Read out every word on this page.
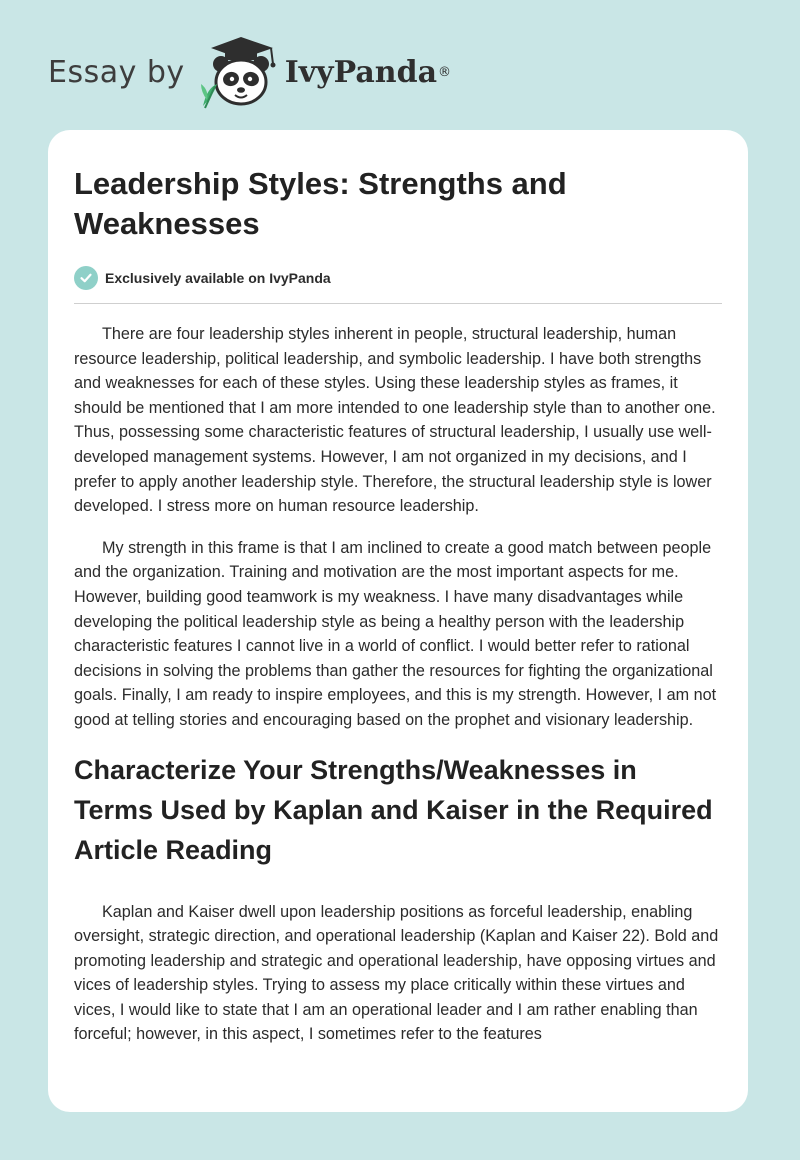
Essay by	IvyPanda ®
Leadership Styles: Strengths and Weaknesses
Exclusively available on IvyPanda

There are four leadership styles inherent in people, structural leadership, human resource leadership, political leadership, and symbolic leadership. I have both strengths and weaknesses for each of these styles. Using these leadership styles as frames, it should be mentioned that I am more intended to one leadership style than to another one. Thus, possessing some characteristic features of structural leadership, I usually use well-developed management systems. However, I am not organized in my decisions, and I prefer to apply another leadership style. Therefore, the structural leadership style is lower developed. I stress more on human resource leadership.

My strength in this frame is that I am inclined to create a good match between people and the organization. Training and motivation are the most important aspects for me. However, building good teamwork is my weakness. I have many disadvantages while developing the political leadership style as being a healthy person with the leadership characteristic features I cannot live in a world of conflict. I would better refer to rational decisions in solving the problems than gather the resources for fighting the organizational goals. Finally, I am ready to inspire employees, and this is my strength. However, I am not good at telling stories and encouraging based on the prophet and visionary leadership.

Characterize Your Strengths/Weaknesses in Terms Used by Kaplan and Kaiser in the Required Article Reading

Kaplan and Kaiser dwell upon leadership positions as forceful leadership, enabling oversight, strategic direction, and operational leadership (Kaplan and Kaiser 22). Bold and promoting leadership and strategic and operational leadership, have opposing virtues and vices of leadership styles. Trying to assess my place critically within these virtues and vices, I would like to state that I am an operational leader and I am rather enabling than forceful; however, in this aspect, I sometimes refer to the features
